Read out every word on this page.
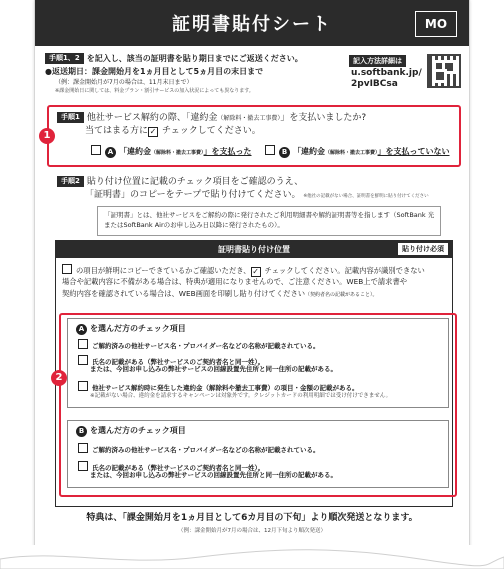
証明書貼付シート	MO
手順1、2 を記入し、該当の証明書を貼り期日までにご返送ください。
●返送期日：課金開始月を1ヵ月目として5ヵ月目の末日まで
（例：課金開始月が7月の場合は、11月末日まで）
※課金開始日に関しては、料金プラン・割引サービスの加入状況によっても異なります。
記入方法詳細は
u.softbank.jp/
2pvIBCsa
1
手順1 他社サービス解約の際、「違約金（解除料・撤去工事費）」を支払いましたか?
当てはまる方に ✓ チェックしてください。
A 「違約金（解除料・撤去工事費）」を支払った	B 「違約金（解除料・撤去工事費）」を支払っていない
手順2 貼り付け位置に記載のチェック項目をご確認のうえ、
「証明書」のコピーをテープで貼り付けてください。 ※他社の記載がない場合、証明書を鮮明に貼り付けてください
「証明書」とは、他社サービスをご解約の際に発行されたご利用明細書や解約証明書等を指します（SoftBank 光
またはSoftBank Airのお申し込み日以降に発行されたもの）。
証明書貼り付け位置	貼り付け必須
の項目が鮮明にコピーできているかご確認いただき、 ✓ チェックしてください。記載内容が識別できない
場合や記載内容に不備がある場合は、特典が適用になりませんので、ご注意ください。WEB上で請求書や
契約内容を確認されている場合は、WEB画面を印刷し貼り付けてください（契約者名の記載があること）。
2
A を選んだ方のチェック項目
ご解約済みの他社サービス名・プロバイダー名などの名称が記載されている。
氏名の記載がある（弊社サービスのご契約者名と同一姓）。
または、今回お申し込みの弊社サービスの回線設置先住所と同一住所の記載がある。
他社サービス解約時に発生した違約金（解除料や撤去工事費）の項目・金額の記載がある。
※記載がない場合、違約金を請求するキャンペーンは対象外です。クレジットカードの利用明細では受け付けできません。
B を選んだ方のチェック項目
ご解約済みの他社サービス名・プロバイダー名などの名称が記載されている。
氏名の記載がある（弊社サービスのご契約者名と同一姓）。
または、今回お申し込みの弊社サービスの回線設置先住所と同一住所の記載がある。
特典は、「課金開始月を1ヵ月目として6カ月目の下旬」より順次発送となります。
（例：課金開始月が7月の場合は、12月下旬より順次発送）
